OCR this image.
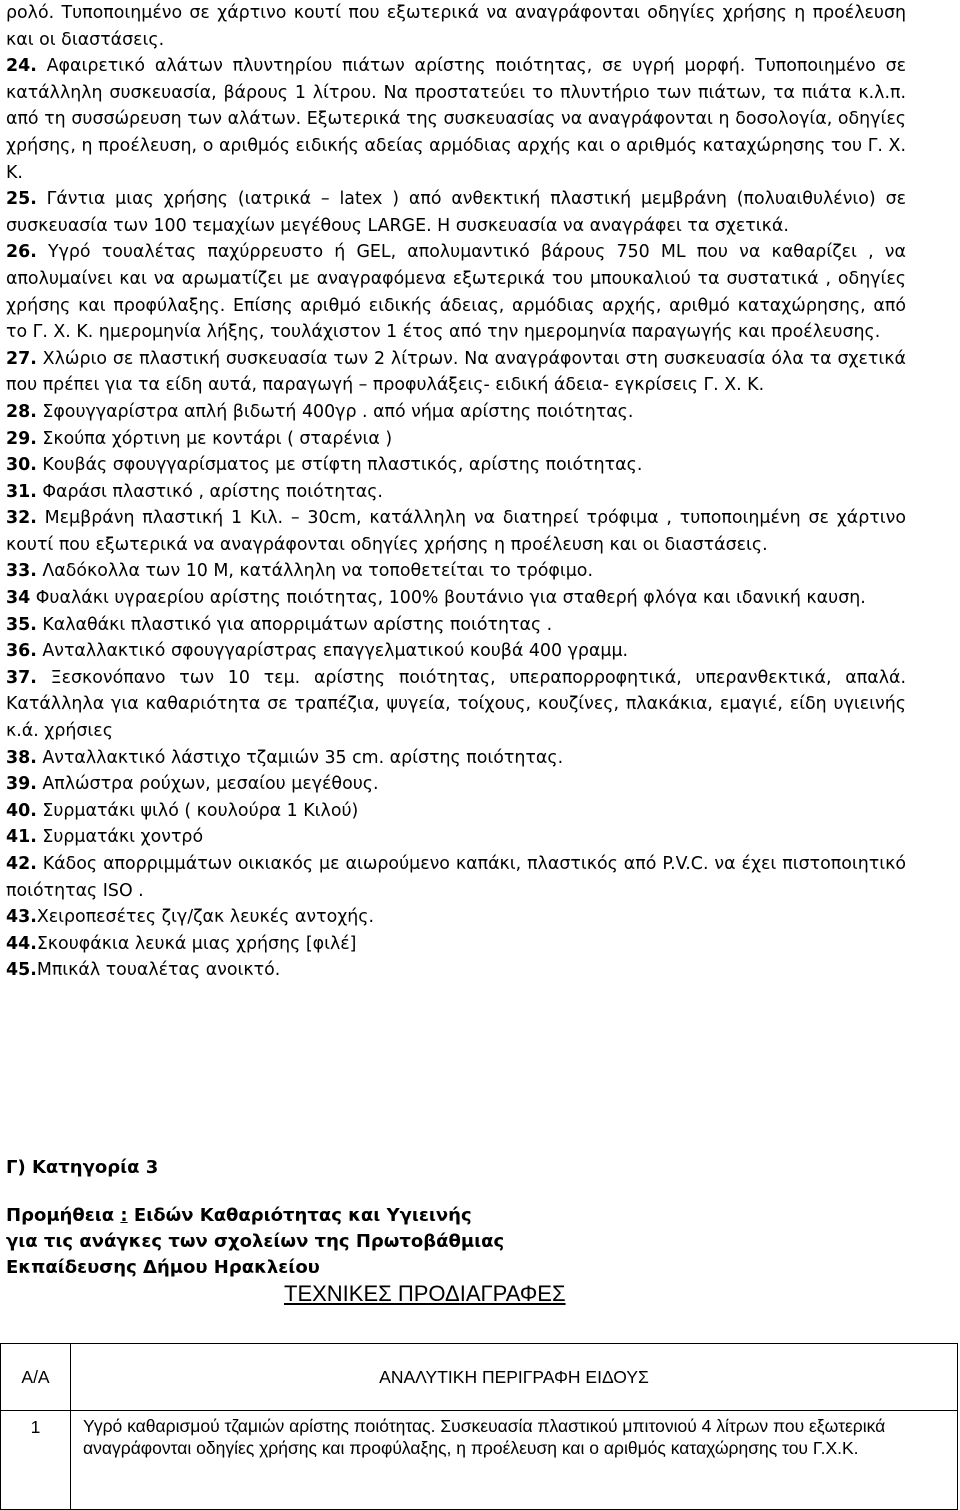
ρολό. Τυποποιημένο σε χάρτινο κουτί που εξωτερικά να αναγράφονται οδηγίες χρήσης η προέλευση και οι διαστάσεις.

24. Αφαιρετικό αλάτων πλυντηρίου πιάτων αρίστης ποιότητας, σε υγρή μορφή. Τυποποιημένο σε κατάλληλη συσκευασία, βάρους 1 λίτρου. Να προστατεύει το πλυντήριο των πιάτων, τα πιάτα κ.λ.π. από τη συσσώρευση των αλάτων. Εξωτερικά της συσκευασίας να αναγράφονται η δοσολογία, οδηγίες χρήσης, η προέλευση, ο αριθμός ειδικής αδείας αρμόδιας αρχής και ο αριθμός καταχώρησης του Γ. Χ. Κ.

25. Γάντια μιας χρήσης (ιατρικά – latex ) από ανθεκτική πλαστική μεμβράνη (πολυαιθυλένιο) σε συσκευασία των 100 τεμαχίων μεγέθους LARGE. Η συσκευασία να αναγράφει τα σχετικά.

26. Υγρό τουαλέτας παχύρρευστο ή GEL, απολυμαντικό βάρους 750 ML που να καθαρίζει , να απολυμαίνει και να αρωματίζει με αναγραφόμενα εξωτερικά του μπουκαλιού τα συστατικά , οδηγίες χρήσης και προφύλαξης. Επίσης αριθμό ειδικής άδειας, αρμόδιας αρχής, αριθμό καταχώρησης, από το Γ. Χ. Κ. ημερομηνία λήξης, τουλάχιστον 1 έτος από την ημερομηνία παραγωγής και προέλευσης.

27. Χλώριο σε πλαστική συσκευασία των 2 λίτρων. Να αναγράφονται στη συσκευασία όλα τα σχετικά που πρέπει για τα είδη αυτά, παραγωγή – προφυλάξεις- ειδική άδεια- εγκρίσεις Γ. Χ. Κ.

28. Σφουγγαρίστρα απλή βιδωτή 400γρ . από νήμα αρίστης ποιότητας.

29. Σκούπα χόρτινη με κοντάρι ( σταρένια )

30. Κουβάς σφουγγαρίσματος με στίφτη πλαστικός, αρίστης ποιότητας.

31. Φαράσι πλαστικό , αρίστης ποιότητας.

32. Μεμβράνη πλαστική 1 Κιλ. – 30cm, κατάλληλη να διατηρεί τρόφιμα , τυποποιημένη σε χάρτινο κουτί που εξωτερικά να αναγράφονται οδηγίες χρήσης η προέλευση και οι διαστάσεις.

33. Λαδόκολλα των 10 Μ, κατάλληλη να τοποθετείται το τρόφιμο.

34 Φυαλάκι υγραερίου αρίστης ποιότητας, 100% βουτάνιο για σταθερή φλόγα και ιδανική καυση.

35. Καλαθάκι πλαστικό για απορριμάτων αρίστης ποιότητας .

36. Ανταλλακτικό σφουγγαρίστρας επαγγελματικού κουβά 400 γραμμ.

37. Ξεσκονόπανο των 10 τεμ. αρίστης ποιότητας, υπεραπορροφητικά, υπερανθεκτικά, απαλά. Κατάλληλα για καθαριότητα σε τραπέζια, ψυγεία, τοίχους, κουζίνες, πλακάκια, εμαγιέ, είδη υγιεινής κ.ά. χρήσιες

38. Ανταλλακτικό λάστιχο τζαμιών 35 cm. αρίστης ποιότητας.

39. Απλώστρα ρούχων, μεσαίου μεγέθους.

40. Συρματάκι ψιλό ( κουλούρα 1 Κιλού)

41. Συρματάκι χοντρό

42. Κάδος απορριμμάτων οικιακός με αιωρούμενο καπάκι, πλαστικός από P.V.C. να έχει πιστοποιητικό ποιότητας ISO .

43.Χειροπεσέτες ζιγ/ζακ λευκές αντοχής.

44.Σκουφάκια λευκά μιας χρήσης [φιλέ]

45.Μπικάλ τουαλέτας ανοικτό.

Γ) Κατηγορία 3
Προμήθεια : Ειδών Καθαριότητας και Υγιεινής
για τις ανάγκες των σχολείων της Πρωτοβάθμιας
Εκπαίδευσης Δήμου Ηρακλείου
ΤΕΧΝΙΚΕΣ ΠΡΟΔΙΑΓΡΑΦΕΣ
Α/Α	ΑΝΑΛΥΤΙΚΗ ΠΕΡΙΓΡΑΦΗ ΕΙΔΟΥΣ
1	Υγρό καθαρισμού τζαμιών αρίστης ποιότητας. Συσκευασία πλαστικού μπιτονιού 4 λίτρων που εξωτερικά αναγράφονται οδηγίες χρήσης και προφύλαξης, η προέλευση και ο αριθμός καταχώρησης του Γ.Χ.Κ.
